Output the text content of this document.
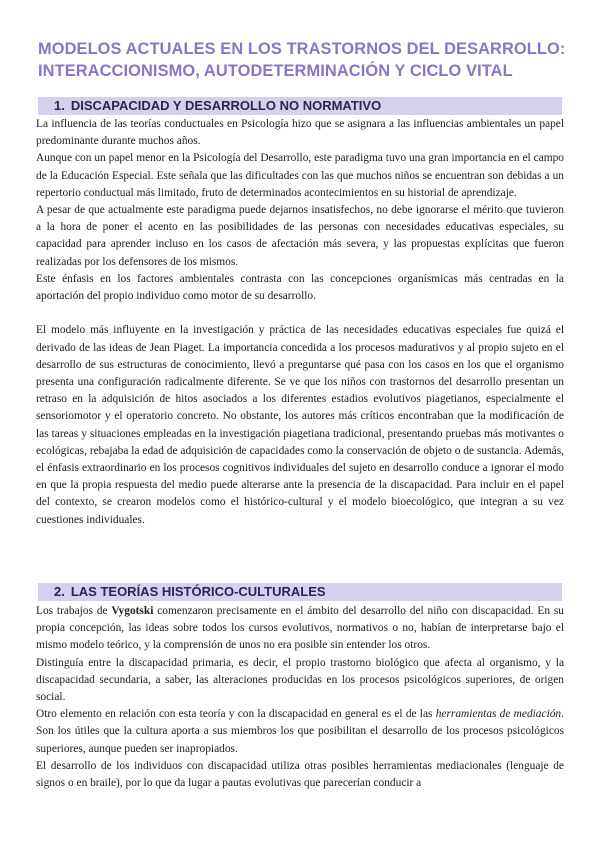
MODELOS ACTUALES EN LOS TRASTORNOS DEL DESARROLLO:
INTERACCIONISMO, AUTODETERMINACIÓN Y CICLO VITAL
1. DISCAPACIDAD Y DESARROLLO NO NORMATIVO

La influencia de las teorías conductuales en Psicología hizo que se asignara a las influencias ambientales un papel predominante durante muchos años.

Aunque con un papel menor en la Psicología del Desarrollo, este paradigma tuvo una gran importancia en el campo de la Educación Especial. Este señala que las dificultades con las que muchos niños se encuentran son debidas a un repertorio conductual más limitado, fruto de determinados acontecimientos en su historial de aprendizaje.

A pesar de que actualmente este paradigma puede dejarnos insatisfechos, no debe ignorarse el mérito que tuvieron a la hora de poner el acento en las posibilidades de las personas con necesidades educativas especiales, su capacidad para aprender incluso en los casos de afectación más severa, y las propuestas explícitas que fueron realizadas por los defensores de los mismos.

Este énfasis en los factores ambientales contrasta con las concepciones organísmicas más centradas en la aportación del propio individuo como motor de su desarrollo.

El modelo más influyente en la investigación y práctica de las necesidades educativas especiales fue quizá el derivado de las ideas de Jean Piaget. La importancia concedida a los procesos madurativos y al propio sujeto en el desarrollo de sus estructuras de conocimiento, llevó a preguntarse qué pasa con los casos en los que el organismo presenta una configuración radicalmente diferente. Se ve que los niños con trastornos del desarrollo presentan un retraso en la adquisición de hitos asociados a los diferentes estadios evolutivos piagetianos, especialmente el sensoriomotor y el operatorio concreto. No obstante, los autores más críticos encontraban que la modificación de las tareas y situaciones empleadas en la investigación piagetiana tradicional, presentando pruebas más motivantes o ecológicas, rebajaba la edad de adquisición de capacidades como la conservación de objeto o de sustancia. Además, el énfasis extraordinario en los procesos cognitivos individuales del sujeto en desarrollo conduce a ignorar el modo en que la propia respuesta del medio puede alterarse ante la presencia de la discapacidad. Para incluir en el papel del contexto, se crearon modelos como el histórico-cultural y el modelo bioecológico, que integran a su vez cuestiones individuales.

2. LAS TEORÍAS HISTÓRICO-CULTURALES

Los trabajos de Vygotski comenzaron precisamente en el ámbito del desarrollo del niño con discapacidad. En su propia concepción, las ideas sobre todos los cursos evolutivos, normativos o no, habían de interpretarse bajo el mismo modelo teórico, y la comprensión de unos no era posible sin entender los otros.

Distinguía entre la discapacidad primaria, es decir, el propio trastorno biológico que afecta al organismo, y la discapacidad secundaria, a saber, las alteraciones producidas en los procesos psicológicos superiores, de origen social.

Otro elemento en relación con esta teoría y con la discapacidad en general es el de las herramientas de mediación. Son los útiles que la cultura aporta a sus miembros los que posibilitan el desarrollo de los procesos psicológicos superiores, aunque pueden ser inapropiados.

El desarrollo de los individuos con discapacidad utiliza otras posibles herramientas mediacionales (lenguaje de signos o en braile), por lo que da lugar a pautas evolutivas que parecerían conducir a
